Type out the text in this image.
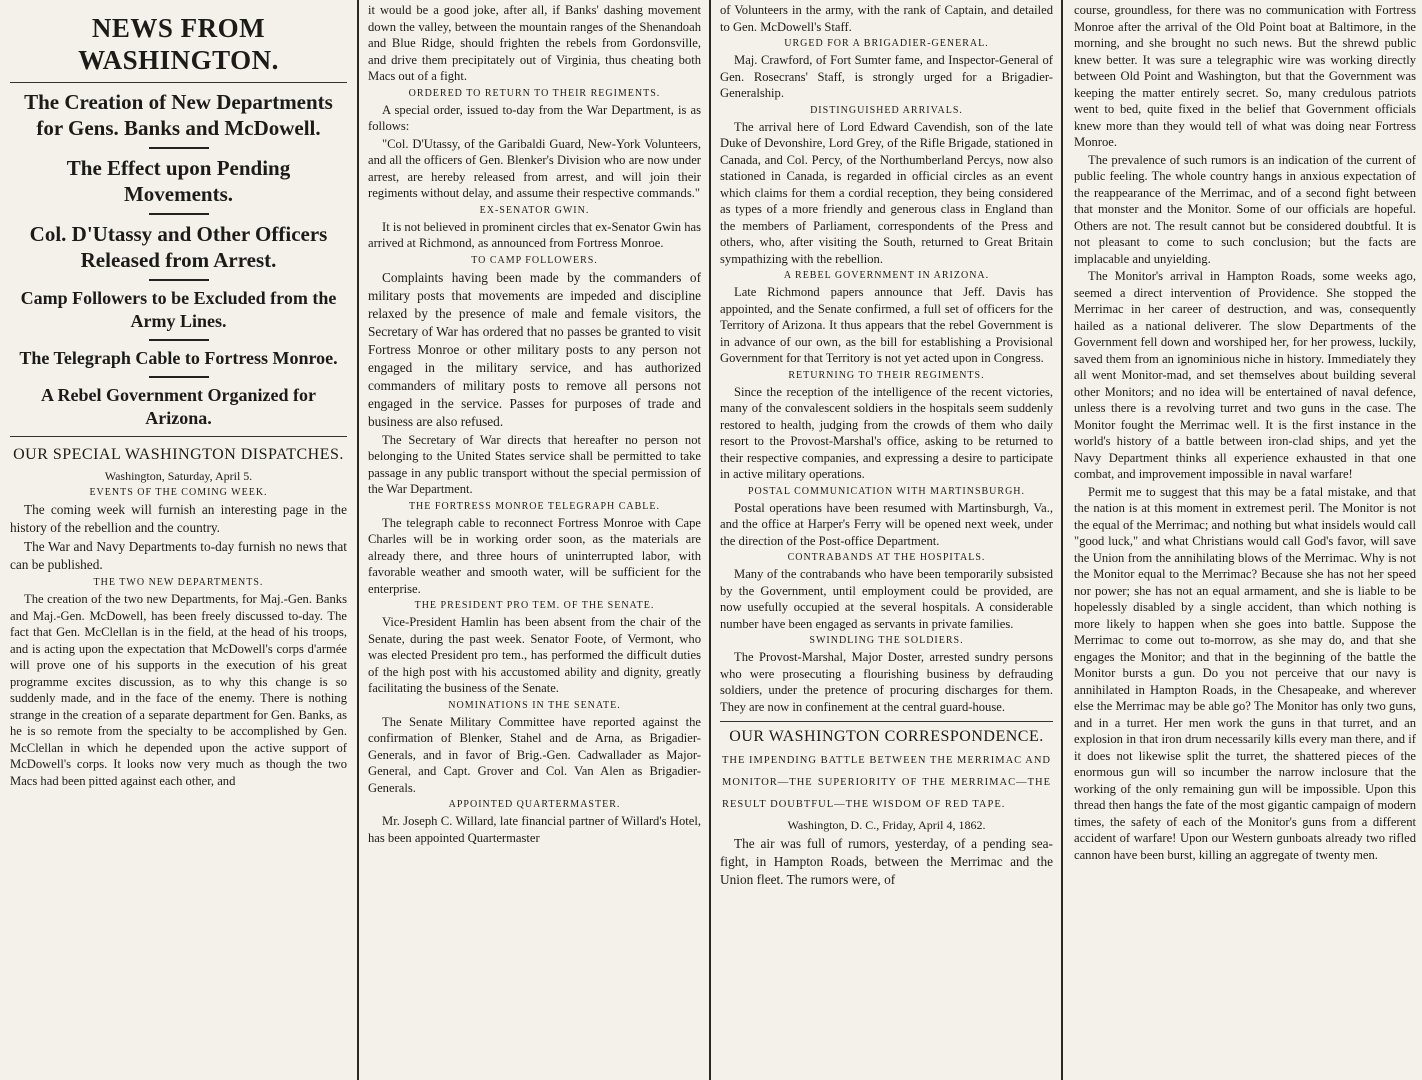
NEWS FROM WASHINGTON.
The Creation of New Departments for Gens. Banks and McDowell.
The Effect upon Pending Movements.
Col. D'Utassy and Other Officers Released from Arrest.
Camp Followers to be Excluded from the Army Lines.
The Telegraph Cable to Fortress Monroe.
A Rebel Government Organized for Arizona.
OUR SPECIAL WASHINGTON DISPATCHES.
Washington, Saturday, April 5.
EVENTS OF THE COMING WEEK.

The coming week will furnish an interesting page in the history of the rebellion and the country.

The War and Navy Departments to-day furnish no news that can be published.

THE TWO NEW DEPARTMENTS.

The creation of the two new Departments, for Maj.-Gen. Banks and Maj.-Gen. McDowell, has been freely discussed to-day. The fact that Gen. McClellan is in the field, at the head of his troops, and is acting upon the expectation that McDowell's corps d'armée will prove one of his supports in the execution of his great programme excites discussion, as to why this change is so suddenly made, and in the face of the enemy. There is nothing strange in the creation of a separate department for Gen. Banks, as he is so remote from the specialty to be accomplished by Gen. McClellan in which he depended upon the active support of McDowell's corps. It looks now very much as though the two Macs had been pitted against each other, and

it would be a good joke, after all, if Banks' dashing movement down the valley, between the mountain ranges of the Shenandoah and Blue Ridge, should frighten the rebels from Gordonsville, and drive them precipitately out of Virginia, thus cheating both Macs out of a fight.

ORDERED TO RETURN TO THEIR REGIMENTS.

A special order, issued to-day from the War Department, is as follows:

"Col. D'Utassy, of the Garibaldi Guard, New-York Volunteers, and all the officers of Gen. Blenker's Division who are now under arrest, are hereby released from arrest, and will join their regiments without delay, and assume their respective commands."

EX-SENATOR GWIN.

It is not believed in prominent circles that ex-Senator Gwin has arrived at Richmond, as announced from Fortress Monroe.

TO CAMP FOLLOWERS.

Complaints having been made by the commanders of military posts that movements are impeded and discipline relaxed by the presence of male and female visitors, the Secretary of War has ordered that no passes be granted to visit Fortress Monroe or other military posts to any person not engaged in the military service, and has authorized commanders of military posts to remove all persons not engaged in the service. Passes for purposes of trade and business are also refused.

The Secretary of War directs that hereafter no person not belonging to the United States service shall be permitted to take passage in any public transport without the special permission of the War Department.

THE FORTRESS MONROE TELEGRAPH CABLE.

The telegraph cable to reconnect Fortress Monroe with Cape Charles will be in working order soon, as the materials are already there, and three hours of uninterrupted labor, with favorable weather and smooth water, will be sufficient for the enterprise.

THE PRESIDENT PRO TEM. OF THE SENATE.

Vice-President Hamlin has been absent from the chair of the Senate, during the past week. Senator Foote, of Vermont, who was elected President pro tem., has performed the difficult duties of the high post with his accustomed ability and dignity, greatly facilitating the business of the Senate.

NOMINATIONS IN THE SENATE.

The Senate Military Committee have reported against the confirmation of Blenker, Stahel and de Arna, as Brigadier-Generals, and in favor of Brig.-Gen. Cadwallader as Major-General, and Capt. Grover and Col. Van Alen as Brigadier-Generals.

APPOINTED QUARTERMASTER.

Mr. Joseph C. Willard, late financial partner of Willard's Hotel, has been appointed Quartermaster

of Volunteers in the army, with the rank of Captain, and detailed to Gen. McDowell's Staff.

URGED FOR A BRIGADIER-GENERAL.

Maj. Crawford, of Fort Sumter fame, and Inspector-General of Gen. Rosecrans' Staff, is strongly urged for a Brigadier-Generalship.

DISTINGUISHED ARRIVALS.

The arrival here of Lord Edward Cavendish, son of the late Duke of Devonshire, Lord Grey, of the Rifle Brigade, stationed in Canada, and Col. Percy, of the Northumberland Percys, now also stationed in Canada, is regarded in official circles as an event which claims for them a cordial reception, they being considered as types of a more friendly and generous class in England than the members of Parliament, correspondents of the Press and others, who, after visiting the South, returned to Great Britain sympathizing with the rebellion.

A REBEL GOVERNMENT IN ARIZONA.

Late Richmond papers announce that Jeff. Davis has appointed, and the Senate confirmed, a full set of officers for the Territory of Arizona. It thus appears that the rebel Government is in advance of our own, as the bill for establishing a Provisional Government for that Territory is not yet acted upon in Congress.

RETURNING TO THEIR REGIMENTS.

Since the reception of the intelligence of the recent victories, many of the convalescent soldiers in the hospitals seem suddenly restored to health, judging from the crowds of them who daily resort to the Provost-Marshal's office, asking to be returned to their respective companies, and expressing a desire to participate in active military operations.

POSTAL COMMUNICATION WITH MARTINSBURGH.

Postal operations have been resumed with Martinsburgh, Va., and the office at Harper's Ferry will be opened next week, under the direction of the Post-office Department.

CONTRABANDS AT THE HOSPITALS.

Many of the contrabands who have been temporarily subsisted by the Government, until employment could be provided, are now usefully occupied at the several hospitals. A considerable number have been engaged as servants in private families.

SWINDLING THE SOLDIERS.

The Provost-Marshal, Major Doster, arrested sundry persons who were prosecuting a flourishing business by defrauding soldiers, under the pretence of procuring discharges for them. They are now in confinement at the central guard-house.

OUR WASHINGTON CORRESPONDENCE.
THE IMPENDING BATTLE BETWEEN THE MERRIMAC AND MONITOR—THE SUPERIORITY OF THE MERRIMAC—THE RESULT DOUBTFUL—THE WISDOM OF RED TAPE.
Washington, D. C., Friday, April 4, 1862.

The air was full of rumors, yesterday, of a pending sea-fight, in Hampton Roads, between the Merrimac and the Union fleet. The rumors were, of

course, groundless, for there was no communication with Fortress Monroe after the arrival of the Old Point boat at Baltimore, in the morning, and she brought no such news. But the shrewd public knew better. It was sure a telegraphic wire was working directly between Old Point and Washington, but that the Government was keeping the matter entirely secret. So, many credulous patriots went to bed, quite fixed in the belief that Government officials knew more than they would tell of what was doing near Fortress Monroe.

The prevalence of such rumors is an indication of the current of public feeling. The whole country hangs in anxious expectation of the reappearance of the Merrimac, and of a second fight between that monster and the Monitor. Some of our officials are hopeful. Others are not. The result cannot but be considered doubtful. It is not pleasant to come to such conclusion; but the facts are implacable and unyielding.

The Monitor's arrival in Hampton Roads, some weeks ago, seemed a direct intervention of Providence. She stopped the Merrimac in her career of destruction, and was, consequently hailed as a national deliverer. The slow Departments of the Government fell down and worshiped her, for her prowess, luckily, saved them from an ignominious niche in history. Immediately they all went Monitor-mad, and set themselves about building several other Monitors; and no idea will be entertained of naval defence, unless there is a revolving turret and two guns in the case. The Monitor fought the Merrimac well. It is the first instance in the world's history of a battle between iron-clad ships, and yet the Navy Department thinks all experience exhausted in that one combat, and improvement impossible in naval warfare!

Permit me to suggest that this may be a fatal mistake, and that the nation is at this moment in extremest peril. The Monitor is not the equal of the Merrimac; and nothing but what insidels would call "good luck," and what Christians would call God's favor, will save the Union from the annihilating blows of the Merrimac. Why is not the Monitor equal to the Merrimac? Because she has not her speed nor power; she has not an equal armament, and she is liable to be hopelessly disabled by a single accident, than which nothing is more likely to happen when she goes into battle. Suppose the Merrimac to come out to-morrow, as she may do, and that she engages the Monitor; and that in the beginning of the battle the Monitor bursts a gun. Do you not perceive that our navy is annihilated in Hampton Roads, in the Chesapeake, and wherever else the Merrimac may be able go? The Monitor has only two guns, and in a turret. Her men work the guns in that turret, and an explosion in that iron drum necessarily kills every man there, and if it does not likewise split the turret, the shattered pieces of the enormous gun will so incumber the narrow inclosure that the working of the only remaining gun will be impossible. Upon this thread then hangs the fate of the most gigantic campaign of modern times, the safety of each of the Monitor's guns from a different accident of warfare! Upon our Western gunboats already two rifled cannon have been burst, killing an aggregate of twenty men.
